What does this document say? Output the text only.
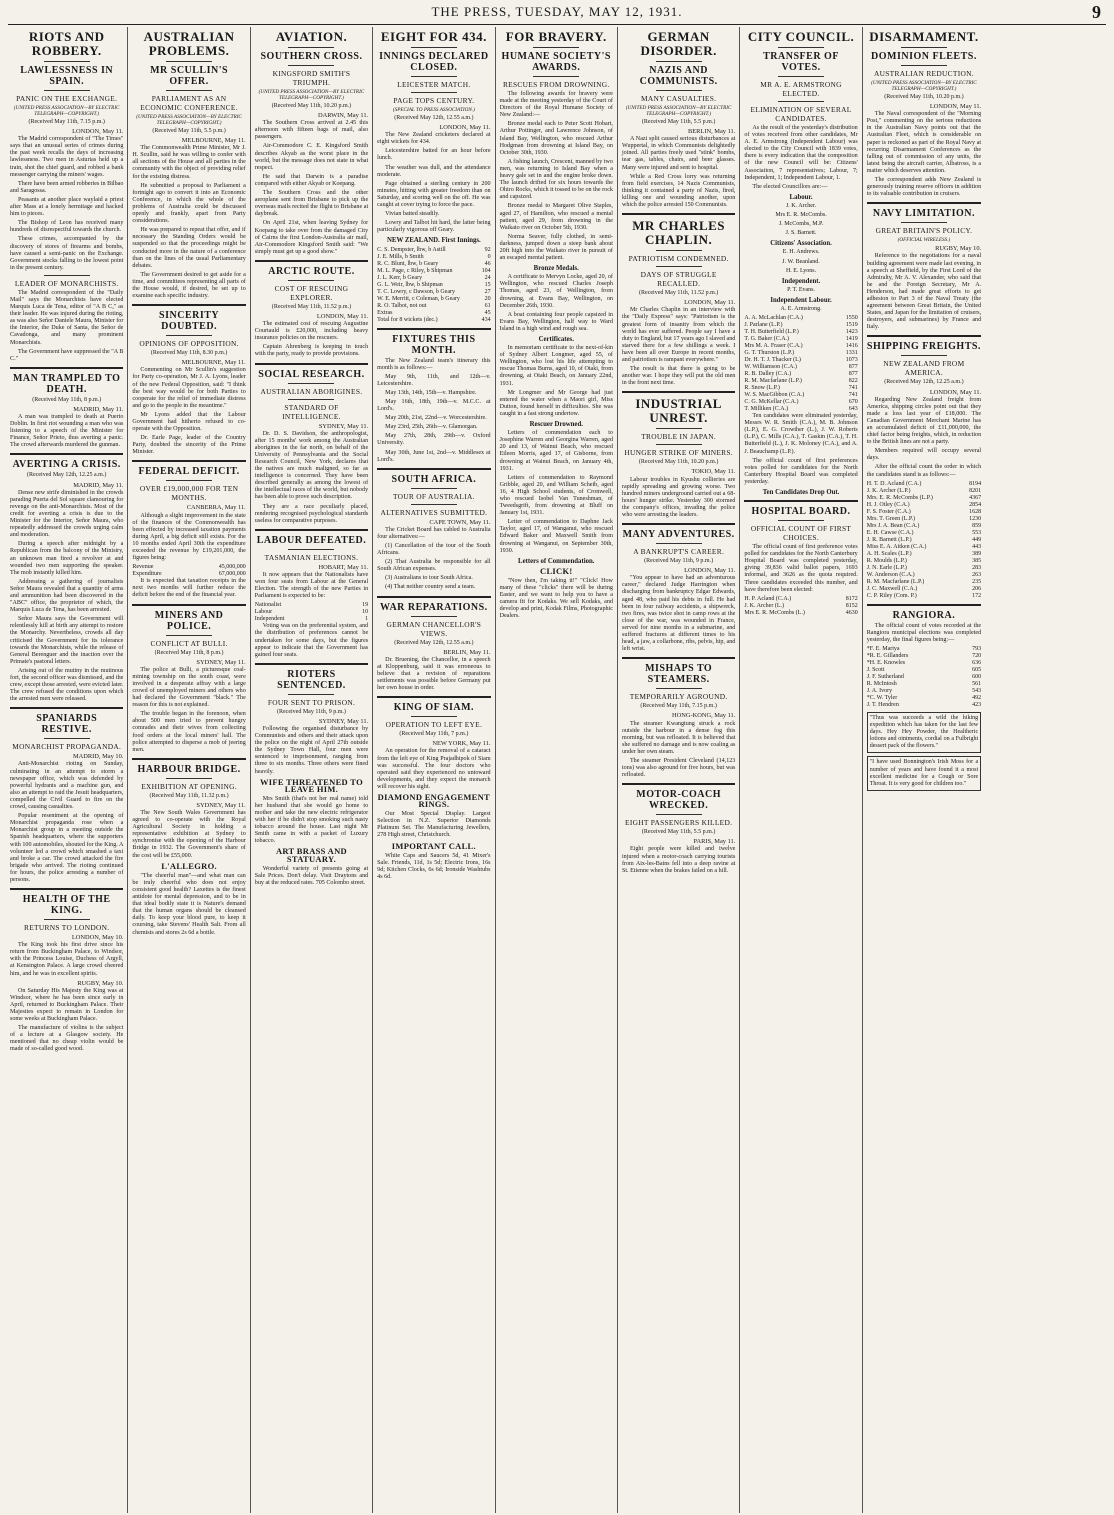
THE PRESS, TUESDAY, MAY 12, 1931.	9
RIOTS AND ROBBERY.
LAWLESSNESS IN SPAIN.
PANIC ON THE EXCHANGE.
(UNITED PRESS ASSOCIATION—BY ELECTRIC TELEGRAPH—COPYRIGHT.)
(Received May 11th, 7.15 p.m.)
LONDON, May 11.

The Madrid correspondent of "The Times" says that an unusual series of crimes during the past week recalls the days of increasing lawlessness. Two men in Asturias held up a train, shot the chief guard, and robbed a bank messenger carrying the miners' wages.

There have been armed robberies in Bilbao and Saragossa.

Peasants at another place waylaid a priest after Mass at a lonely hermitage and hacked him to pieces.

The Bishop of Leon has received many hundreds of disrespectful towards the church.

These crimes, accompanied by the discovery of stores of firearms and bombs, have caused a semi-panic on the Exchange. Government stocks falling to the lowest point in the present century.

LEADER OF MONARCHISTS.

The Madrid correspondent of the "Daily Mail" says the Monarchists have elected Marquis Luca de Tena, editor of "A B C," as their leader. He was injured during the rioting, as was also Señor Daniele Maura, Minister for the Interior, the Duke of Santa, the Señor de Cavadonga, and many prominent Monarchists.

The Government have suppressed the "A B C."

MAN TRAMPLED TO DEATH.
(Received May 11th, 8 p.m.)
MADRID, May 11.

A man was trampled to death at Puerto Doblin. In first riot wounding a man who was listening to a speech of the Minister for Finance, Señor Prieto, thus averting a panic. The crowd afterwards murdered the gunman.

AVERTING A CRISIS.
(Received May 12th, 12.25 a.m.)
MADRID, May 11.

Dense new strife diminished in the crowds parading Puerta del Sol square clamouring for revenge on the anti-Monarchists. Most of the credit for averting a crisis is due to the Minister for the Interior, Señor Maura, who repeatedly addressed the crowds urging calm and moderation.

During a speech after midnight by a Republican from the balcony of the Ministry, an unknown man fired a revolver at and wounded two men supporting the speaker. The mob instantly killed him.

Addressing a gathering of journalists Señor Maura revealed that a quantity of arms and ammunition had been discovered in the "ABC" office, the proprietor of which, the Marquis Luca de Tena, has been arrested.

Señor Maura says the Government will relentlessly kill at birth any attempt to restore the Monarchy. Nevertheless, crowds all day criticised the Government for its tolerance towards the Monarchists, while the release of General Berenguer and the inaction over the Primate's pastoral letters.

Arising out of the mutiny in the mutinous fort, the second officer was dismissed, and the crew, except those arrested, were evicted later. The crew refused the conditions upon which the arrested men were released.

SPANIARDS RESTIVE.
MONARCHIST PROPAGANDA.
MADRID, May 10.

Anti-Monarchist rioting on Sunday, culminating in an attempt to storm a newspaper office, which was defended by powerful hydrants and a machine gun, and also an attempt to raid the Jesuit headquarters, compelled the Civil Guard to fire on the crowd, causing casualties.

Popular resentment at the opening of Monarchist propaganda rose when a Monarchist group in a meeting outside the Spanish headquarters, where the supporters with 100 automobiles, shouted for the King. A volunteer led a crowd which smashed a taxi and broke a car. The crowd attacked the fire brigade who arrived. The rioting continued for hours, the police arresting a number of persons.

HEALTH OF THE KING.
RETURNS TO LONDON.
LONDON, May 10.

The King took his first drive since his return from Buckingham Palace, to Windsor, with the Princess Louise, Duchess of Argyll, at Kensington Palace. A large crowd cheered him, and he was in excellent spirits.

RUGBY, May 10.

On Saturday His Majesty the King was at Windsor, where he has been since early in April, returned to Buckingham Palace. Their Majesties expect to remain in London for some weeks at Buckingham Palace.

The manufacture of violins is the subject of a lecture at a Glasgow society. He mentioned that no cheap violin would be made of so-called good wood.

AUSTRALIAN PROBLEMS.
MR SCULLIN'S OFFER.
PARLIAMENT AS AN ECONOMIC CONFERENCE.
(UNITED PRESS ASSOCIATION—BY ELECTRIC TELEGRAPH—COPYRIGHT.)
(Received May 11th, 5.5 p.m.)
MELBOURNE, May 11.

The Commonwealth Prime Minister, Mr J. H. Scullin, said he was willing to confer with all sections of the House and all parties in the community with the object of providing relief for the existing distress.

He submitted a proposal to Parliament a fortnight ago to convert it into an Economic Conference, in which the whole of the problems of Australia could be discussed openly and frankly, apart from Party considerations.

He was prepared to repeat that offer, and if necessary the Standing Orders would be suspended so that the proceedings might be conducted more in the nature of a conference than on the lines of the usual Parliamentary debates.

The Government desired to get aside for a time, and committees representing all parts of the House would, if desired, be set up to examine each specific industry.

SINCERITY DOUBTED.
OPINIONS OF OPPOSITION.
(Received May 11th, 8.30 p.m.)
MELBOURNE, May 11.

Commenting on Mr Scullin's suggestion for Party co-operation, Mr J. A. Lyons, leader of the new Federal Opposition, said: "I think the best way would be for both Parties to cooperate for the relief of immediate distress and go to the people in the meantime."

Mr Lyons added that the Labour Government had hitherto refused to co-operate with the Opposition.

Dr. Earle Page, leader of the Country Party, doubted the sincerity of the Prime Minister.

FEDERAL DEFICIT.
OVER £19,000,000 FOR TEN MONTHS.
CANBERRA, May 11.

Although a slight improvement in the state of the finances of the Commonwealth has been effected by increased taxation payments during April, a big deficit still exists. For the 10 months ended April 30th the expenditure exceeded the revenue by £19,201,000, the figures being:

Revenue	45,000,000
Expenditure	67,000,000

It is expected that taxation receipts in the next two months will further reduce the deficit before the end of the financial year.

MINERS AND POLICE.
CONFLICT AT BULLI.
(Received May 11th, 8 p.m.)
SYDNEY, May 11.

The police at Bulli, a picturesque coal-mining township on the south coast, were involved in a desperate affray with a large crowd of unemployed miners and others who had declared the Government "black." The reason for this is not explained.

The trouble began in the forenoon, when about 500 men tried to prevent hungry comrades and their wives from collecting food orders at the local miners' hall. The police attempted to disperse a mob of jeering men.

HARBOUR BRIDGE.
EXHIBITION AT OPENING.
(Received May 11th, 11.32 p.m.)
SYDNEY, May 11.

The New South Wales Government has agreed to co-operate with the Royal Agricultural Society in holding a representative exhibition at Sydney to synchronise with the opening of the Harbour Bridge in 1932. The Government's share of the cost will be £55,000.

L'ALLEGRO.

"The cheerful man"—and what man can be truly cheerful who does not enjoy consistent good health? Laxettes is the finest antidote for mental depression, and to be in that ideal bodily state it is Nature's demand that the human organs should be cleansed daily. To keep your blood pure, to keep it coursing, take Stevens' Health Salt. From all chemists and stores 2s 6d a bottle.

AVIATION.
SOUTHERN CROSS.
KINGSFORD SMITH'S TRIUMPH.
(UNITED PRESS ASSOCIATION—BY ELECTRIC TELEGRAPH—COPYRIGHT.)
(Received May 11th, 10.20 p.m.)
DARWIN, May 11.

The Southern Cross arrived at 2.45 this afternoon with fifteen bags of mail, also passengers.

Air-Commodore C. E. Kingsford Smith describes Akyab as the worst place in the world, but the message does not state in what respect.

He said that Darwin is a paradise compared with either Akyab or Koepang.

The Southern Cross and the other aeroplane sent from Brisbane to pick up the overseas mails recited the flight to Brisbane at daybreak.

On April 21st, when leaving Sydney for Koepang to take over from the damaged City of Cairns the first London-Australia air mail, Air-Commodore Kingsford Smith said: "We simply must get up a good show."

ARCTIC ROUTE.
COST OF RESCUING EXPLORER.
(Received May 11th, 11.52 p.m.)
LONDON, May 11.

The estimated cost of rescuing Augustine Courtauld is £20,000, including heavy insurance policies on the rescuers.

Captain Ahrenberg is keeping in touch with the party, ready to provide provisions.

SOCIAL RESEARCH.
AUSTRALIAN ABORIGINES.
STANDARD OF INTELLIGENCE.
SYDNEY, May 11.

Dr. D. S. Davidson, the anthropologist, after 15 months' work among the Australian aborigines in the far north, on behalf of the University of Pennsylvania and the Social Research Council, New York, declares that the natives are much maligned, so far as intelligence is concerned. They have been described generally as among the lowest of the intellectual races of the world, but nobody has been able to prove such description.

They are a race peculiarly placed, rendering recognised psychological standards useless for comparative purposes.

LABOUR DEFEATED.
TASMANIAN ELECTIONS.
HOBART, May 11.

It now appears that the Nationalists have won four seats from Labour at the General Election. The strength of the new Parties in Parliament is expected to be:

Nationalist	19
Labour	10
Independent	1

Voting was on the preferential system, and the distribution of preferences cannot be undertaken for some days, but the figures appear to indicate that the Government has gained four seats.

RIOTERS SENTENCED.
FOUR SENT TO PRISON.
(Received May 11th, 9 p.m.)
SYDNEY, May 11.

Following the organised disturbance by Communists and others and their attack upon the police on the night of April 27th outside the Sydney Town Hall, four men were sentenced to imprisonment, ranging from three to six months. Three others were fined heavily.

WIFE THREATENED TO LEAVE HIM.

Mrs Smith (that's not her real name) told her husband that she would go home to mother and take the new electric refrigerator with her if he didn't stop smoking such nasty tobacco around the house. Last night Mr Smith came in with a packet of Luxury tobacco.

ART BRASS AND STATUARY.

Wonderful variety of presents going at Sale Prices. Don't delay. Visit Draytons and buy at the reduced rates. 705 Colombo street.

EIGHT FOR 434.
INNINGS DECLARED CLOSED.
LEICESTER MATCH.
PAGE TOPS CENTURY.
(SPECIAL TO PRESS ASSOCIATION.)
(Received May 12th, 12.55 a.m.)
LONDON, May 11.

The New Zealand cricketers declared at eight wickets for 434.

Leicestershire batted for an hour before lunch.

The weather was dull, and the attendance moderate.

Page obtained a sterling century in 200 minutes, hitting with greater freedom than on Saturday, and scoring well on the off. He was caught at cover trying to force the pace.

Vivian batted steadily.

Lowry and Talbot hit hard, the latter being particularly vigorous off Geary.

NEW ZEALAND. First Innings.
C. S. Dempster, lbw, b Astill	92
J. E. Mills, b Smith	0
R. C. Blunt, lbw, b Geary	46
M. L. Page, c Riley, b Shipman	104
J. L. Kerr, b Geary	24
G. L. Weir, lbw, b Shipman	15
T. C. Lowry, c Dawson, b Geary	27
W. E. Merritt, c Coleman, b Geary	20
R. O. Talbot, not out	61
Extras	45
Total for 8 wickets (dec.)	434
FIXTURES THIS MONTH.

The New Zealand team's itinerary this month is as follows:—

May 9th, 11th, and 12th—v. Leicestershire.

May 13th, 14th, 15th—v. Hampshire.

May 16th, 18th, 19th—v. M.C.C. at Lord's.

May 20th, 21st, 22nd—v. Worcestershire.

May 23rd, 25th, 26th—v. Glamorgan.

May 27th, 28th, 29th—v. Oxford University.

May 30th, June 1st, 2nd—v. Middlesex at Lord's.

SOUTH AFRICA.
TOUR OF AUSTRALIA.
ALTERNATIVES SUBMITTED.
CAPE TOWN, May 11.

The Cricket Board has cabled to Australia four alternatives:—

(1) Cancellation of the tour of the South Africans.

(2) That Australia be responsible for all South African expenses.

(3) Australians to tour South Africa.

(4) That neither country send a team.

WAR REPARATIONS.
GERMAN CHANCELLOR'S VIEWS.
(Received May 12th, 12.55 a.m.)
BERLIN, May 11.

Dr. Bruening, the Chancellor, in a speech at Kloppenburg, said it was erroneous to believe that a revision of reparations settlements was possible before Germany put her own house in order.

KING OF SIAM.
OPERATION TO LEFT EYE.
(Received May 11th, 7 p.m.)
NEW YORK, May 11.

An operation for the removal of a cataract from the left eye of King Prajadhipok of Siam was successful. The four doctors who operated said they experienced no untoward developments, and they expect the monarch will recover his sight.

DIAMOND ENGAGEMENT RINGS.

Our Most Special Display. Largest Selection in N.Z. Superior Diamonds Platinum Set. The Manufacturing Jewellers, 278 High street, Christchurch.

IMPORTANT CALL.

White Caps and Saucers 5d, 41 Mixer's Sale. Friends, 11d, 1s 5d; Electric Irons, 16s 9d; Kitchen Clocks, 6s 6d; Ironside Washtubs 4s 6d.

FOR BRAVERY.
HUMANE SOCIETY'S AWARDS.
RESCUES FROM DROWNING.

The following awards for bravery were made at the meeting yesterday of the Court of Directors of the Royal Humane Society of New Zealand:—

Bronze medal each to Peter Scott Hobart, Arthur Pottinger, and Lawrence Johnson, of Island Bay, Wellington, who rescued Arthur Hodgman from drowning at Island Bay, on October 30th, 1930.

A fishing launch, Crescent, manned by two men, was returning to Island Bay when a heavy gale set in and the engine broke down. The launch drifted for six hours towards the Ohiro Rocks, which it tossed to be on the rock and capsized.

Bronze medal to Margaret Olive Staples, aged 27, of Hamilton, who rescued a mental patient, aged 29, from drowning in the Waikato river on October 5th, 1930.

Norma Seaver, fully clothed, in semi-darkness, jumped down a steep bank about 20ft high into the Waikato river in pursuit of an escaped mental patient.

Bronze Medals.

A certificate to Mervyn Locke, aged 20, of Wellington, who rescued Charles Joseph Thomas, aged 23, of Wellington, from drowning, at Evans Bay, Wellington, on December 26th, 1930.

A boat containing four people capsized in Evans Bay, Wellington, half way to Ward Island in a high wind and rough sea.

Certificates.

In memoriam certificate to the next-of-kin of Sydney Albert Longmer, aged 55, of Wellington, who lost his life attempting to rescue Thomas Burns, aged 10, of Otaki, from drowning, at Otaki Beach, on January 22nd, 1931.

Mr Longmer and Mr George had just entered the water when a Maori girl, Miss Dutton, found herself in difficulties. She was caught in a fast strong undertow.

Rescuer Drowned.

Letters of commendation each to Josephine Warren and Georgina Warren, aged 20 and 13, of Wainui Beach, who rescued Eileen Morris, aged 17, of Gisborne, from drowning at Wainui Beach, on January 4th, 1931.

Letters of commendation to Raymond Gribble, aged 20, and William Scheib, aged 16, 4 High School students, of Cromwell, who rescued Isobel Van Tuneshman, of Tweedsgrift, from drowning at Bluff on January 1st, 1931.

Letter of commendation to Daphne Jack Taylor, aged 17, of Wanganui, who rescued Edward Baker and Maxwell Smith from drowning at Wanganui, on September 30th, 1930.

Letters of Commendation.
CLICK!

"Now then, I'm taking it!" "Click! How many of these "clicks" there will be during Easter, and we want to help you to have a camera fit for Kodaks. We sell Kodaks, and develop and print, Kodak Films, Photographic Dealers.

GERMAN DISORDER.
NAZIS AND COMMUNISTS.
MANY CASUALTIES.
(UNITED PRESS ASSOCIATION—BY ELECTRIC TELEGRAPH—COPYRIGHT.)
(Received May 11th, 5.5 p.m.)
BERLIN, May 11.

A Nazi split caused serious disturbances at Wuppertal, in which Communists delightedly joined. All parties freely used "stink" bombs, tear gas, tables, chairs, and beer glasses. Many were injured and sent to hospital.

While a Red Cross lorry was returning from field exercises, 14 Nazis Communists, thinking it contained a party of Nazis, fired, killing one and wounding another, upon which the police arrested 150 Communists.

MR CHARLES CHAPLIN.
PATRIOTISM CONDEMNED.
DAYS OF STRUGGLE RECALLED.
(Received May 11th, 11.52 p.m.)
LONDON, May 11.

Mr Charles Chaplin in an interview with the "Daily Express" says: "Patriotism is the greatest form of insanity from which the world has ever suffered. People say I have a duty to England, but 17 years ago I slaved and starved there for a few shillings a week. I have been all over Europe in recent months, and patriotism is rampant everywhere."

The result is that there is going to be another war. I hope they will put the old men in the front next time.

INDUSTRIAL UNREST.
TROUBLE IN JAPAN.
HUNGER STRIKE OF MINERS.
(Received May 11th, 10.20 p.m.)
TOKIO, May 11.

Labour troubles in Kyushu collieries are rapidly spreading and growing worse. Two hundred miners underground carried out a 68-hours' hunger strike. Yesterday 300 stormed the company's offices, invading the police who were arresting the leaders.

MANY ADVENTURES.
A BANKRUPT'S CAREER.
(Received May 11th, 9 p.m.)
LONDON, May 11.

"You appear to have had an adventurous career," declared Judge Harrington when discharging from bankruptcy Edgar Edwards, aged 48, who paid his debts in full. He had been in four railway accidents, a shipwreck, two fires, was twice shot in camp rows at the close of the war, was wounded in France, served for nine months in a submarine, and suffered fractures at different times to his head, a jaw, a collarbone, ribs, pelvis, hip, and left wrist.

MISHAPS TO STEAMERS.
TEMPORARILY AGROUND.
(Received May 11th, 7.15 p.m.)
HONG-KONG, May 11.

The steamer Kwangtung struck a rock outside the harbour in a dense fog this morning, but was refloated. It is believed that she suffered no damage and is now coaling as under her own steam.

The steamer President Cleveland (14,123 tons) was also aground for five hours, but was refloated.

MOTOR-COACH WRECKED.
EIGHT PASSENGERS KILLED.
(Received May 11th, 5.5 p.m.)
PARIS, May 11.

Eight people were killed and twelve injured when a motor-coach carrying tourists from Aix-les-Bains fell into a deep ravine at St. Etienne when the brakes failed on a hill.

CITY COUNCIL.
TRANSFER OF VOTES.
MR A. E. ARMSTRONG ELECTED.
ELIMINATION OF SEVERAL CANDIDATES.

As the result of the yesterday's distribution of votes received from other candidates, Mr A. E. Armstrong (Independent Labour) was elected to the City Council with 1839 votes, there is every indication that the composition of the new Council will be: Citizens' Association, 7 representatives; Labour, 7; Independent, 1; Independent Labour, 1.

The elected Councillors are:—

Labour.
J. K. Archer.
Mrs E. R. McCombs.
J. McCombs, M.P.
J. S. Barnett.
Citizens' Association.
E. H. Andrews.
J. W. Beanland.
H. E. Lyons.
Independent.
P. T. Evans.
Independent Labour.
A. E. Armstrong.
A. A. McLachlan (C.A.)	1550
J. Parlane (L.P.)	1519
T. H. Butterfield (L.P.)	1423
T. G. Baker (C.A.)	1419
Mrs M. A. Fraser (C.A.)	1416
G. T. Thurston (L.P.)	1331
Dr. H. T. J. Thacker (L)	1073
W. Williamson (C.A.)	877
R. B. Dalley (C.A.)	877
R. M. Macfarlane (L.P.)	822
R. Snow (L.P.)	741
W. S. MacGibbon (C.A.)	741
C. G. McKellar (C.A.)	670
T. Milliken (C.A.)	643

Ten candidates were eliminated yesterday, Messrs W. R. Smith (C.A.), M. B. Johnson (L.P.), E. G. Crowther (L.), J. W. Roberts (L.P.), C. Mills (C.A.), T. Gaskin (C.A.), T. H. Butterfield (L.), J. K. Moloney (C.A.), and A. J. Beauchamp (L.P.).

The official count of first preferences votes polled for candidates for the North Canterbury Hospital Board was completed yesterday.

Ten Candidates Drop Out.
HOSPITAL BOARD.
OFFICIAL COUNT OF FIRST CHOICES.

The official count of first preference votes polled for candidates for the North Canterbury Hospital Board was completed yesterday, giving 39,836 valid ballot papers, 1693 informal, and 3626 as the quota required. Three candidates exceeded this number, and have therefore been elected:

H. P. Acland (C.A.)	8172
J. K. Archer (L.)	8152
Mrs E. R. McCombs (L.)	4630
DISARMAMENT.
DOMINION FLEETS.
AUSTRALIAN REDUCTION.
(UNITED PRESS ASSOCIATION—BY ELECTRIC TELEGRAPH—COPYRIGHT.)
(Received May 11th, 10.20 p.m.)
LONDON, May 11.

The Naval correspondent of the "Morning Post," commenting on the serious reductions in the Australian Navy points out that the Australian Fleet, which is considerable on paper is reckoned as part of the Royal Navy at recurring Disarmament Conferences as the falling out of commission of any units, the latest being the aircraft carrier, Albatross, is a matter which deserves attention.

The correspondent adds New Zealand is generously training reserve officers in addition to its valuable contribution in cruisers.

NAVY LIMITATION.
GREAT BRITAIN'S POLICY.
(OFFICIAL WIRELESS.)
RUGBY, May 10.

Reference to the negotiations for a naval building agreement were made last evening, in a speech at Sheffield, by the First Lord of the Admiralty, Mr A. V. Alexander, who said that he and the Foreign Secretary, Mr A. Henderson, had made great efforts to get adhesion to Part 3 of the Naval Treaty (the agreement between Great Britain, the United States, and Japan for the limitation of cruisers, destroyers, and submarines) by France and Italy.

SHIPPING FREIGHTS.
NEW ZEALAND FROM AMERICA.
(Received May 12th, 12.25 a.m.)
LONDON, May 11.

Regarding New Zealand freight from America, shipping circles point out that they made a loss last year of £18,000. The Canadian Government Merchant Marine has an accumulated deficit of £11,000,000, the chief factor being freights, which, in reduction to the British lines are not a party.

Members required will occupy several days.

After the official count the order in which the candidates stand is as follows:—

H. T. D. Acland (C.A.)	8194
J. K. Archer (L.P.)	8201
Mrs. E. R. McCombs (L.P.)	4367
H. J. Otley (C.A.)	2854
F. S. Foster (C.A.)	1628
Mrs. T. Green (L.P.)	1230
Mrs J. A. Bean (C.A.)	859
E. H. Cawse (C.A.)	553
J. R. Barnett (L.P.)	449
Miss E. A. Aitken (C.A.)	443
A. H. Scales (L.P.)	389
R. Moulds (L.P.)	385
J. N. Earle (L.P.)	283
W. Anderson (C.A.)	263
R. M. Macfarlane (L.P.)	235
J. C. Maxwell (C.A.)	206
C. P. Riley (Com. P.)	172
RANGIORA.

The official count of votes recorded at the Rangiora municipal elections was completed yesterday, the final figures being:—

*F. E. Mariya	793
*R. E. Gillanders	720
*H. E. Knowles	636
J. Scott	605
J. F. Sutherland	600
R. McIntosh	561
J. A. Ivory	543
*C. W. Tyler	492
J. T. Hendren	423
"Thus was succeeds a wild the hiking expedition which has taken for the last few days. Hey Hey Powder, the Healtheric lotions and ointments, cordial on a Fulbright dessert pack of the flowers."
"I have used Bonnington's Irish Moss for a number of years and have found it a most excellent medicine for a Cough or Sore Throat. It is very good for children too."
